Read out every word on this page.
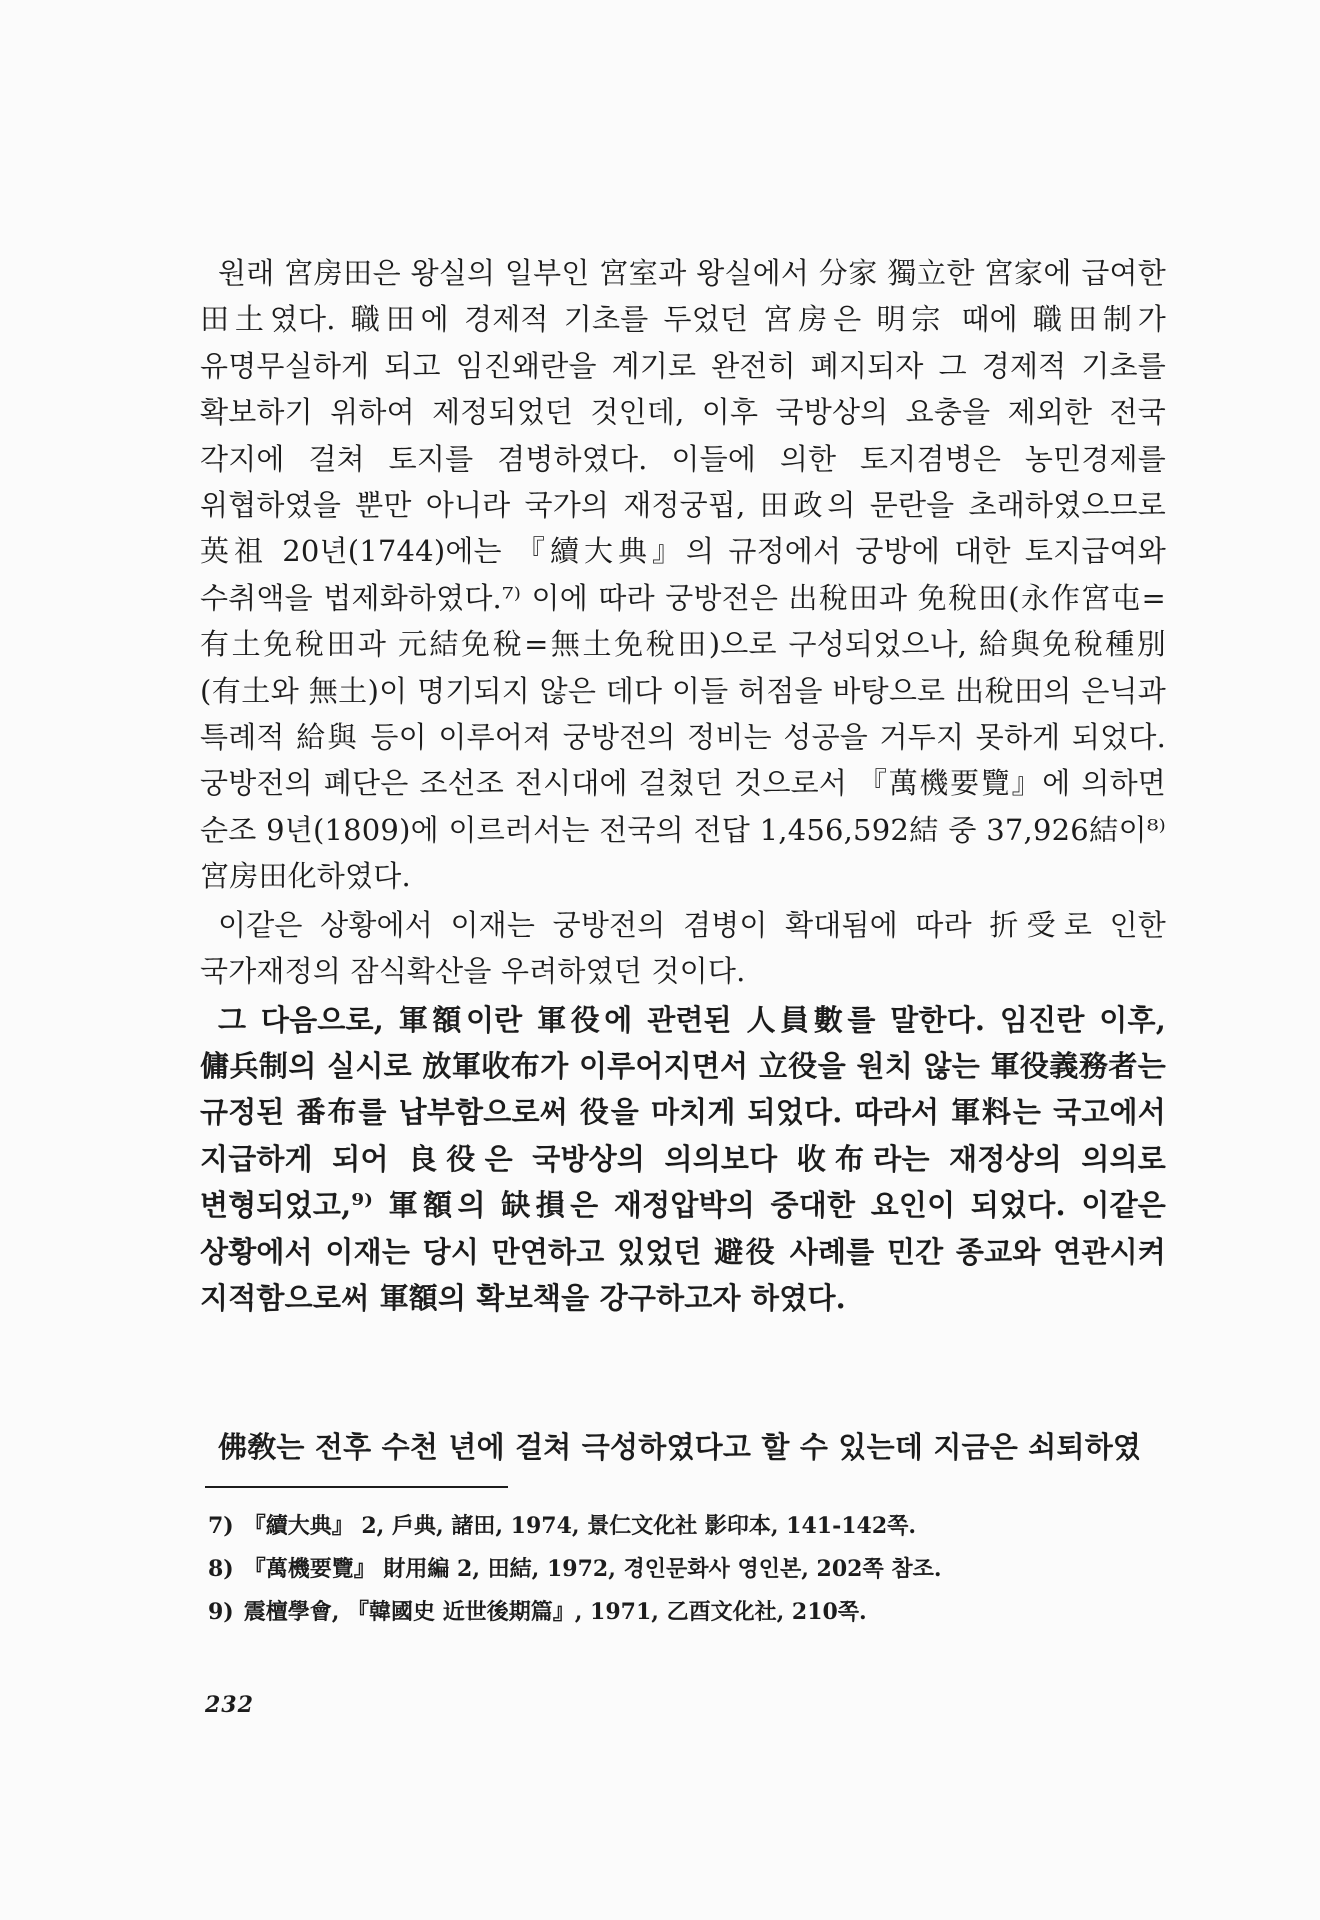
원래 宮房田은 왕실의 일부인 宮室과 왕실에서 分家 獨立한 宮家에 급여한 田土였다. 職田에 경제적 기초를 두었던 宮房은 明宗 때에 職田制가 유명무실하게 되고 임진왜란을 계기로 완전히 폐지되자 그 경제적 기초를 확보하기 위하여 제정되었던 것인데, 이후 국방상의 요충을 제외한 전국 각지에 걸쳐 토지를 겸병하였다. 이들에 의한 토지겸병은 농민경제를 위협하였을 뿐만 아니라 국가의 재정궁핍, 田政의 문란을 초래하였으므로 英祖 20년(1744)에는 『續大典』의 규정에서 궁방에 대한 토지급여와 수취액을 법제화하였다.⁷⁾ 이에 따라 궁방전은 出稅田과 免稅田(永作宮屯=有土免稅田과 元結免稅=無土免稅田)으로 구성되었으나, 給與免稅種別(有土와 無土)이 명기되지 않은 데다 이들 허점을 바탕으로 出稅田의 은닉과 특례적 給與 등이 이루어져 궁방전의 정비는 성공을 거두지 못하게 되었다. 궁방전의 폐단은 조선조 전시대에 걸쳤던 것으로서 『萬機要覽』에 의하면 순조 9년(1809)에 이르러서는 전국의 전답 1,456,592結 중 37,926結이⁸⁾ 宮房田化하였다.

이같은 상황에서 이재는 궁방전의 겸병이 확대됨에 따라 折受로 인한 국가재정의 잠식확산을 우려하였던 것이다.

그 다음으로, 軍額이란 軍役에 관련된 人員數를 말한다. 임진란 이후, 傭兵制의 실시로 放軍收布가 이루어지면서 立役을 원치 않는 軍役義務者는 규정된 番布를 납부함으로써 役을 마치게 되었다. 따라서 軍料는 국고에서 지급하게 되어 良役은 국방상의 의의보다 收布라는 재정상의 의의로 변형되었고,⁹⁾ 軍額의 缺損은 재정압박의 중대한 요인이 되었다. 이같은 상황에서 이재는 당시 만연하고 있었던 避役 사례를 민간 종교와 연관시켜 지적함으로써 軍額의 확보책을 강구하고자 하였다.

佛敎는 전후 수천 년에 걸쳐 극성하였다고 할 수 있는데 지금은 쇠퇴하였

7) 『續大典』 2, 戶典, 諸田, 1974, 景仁文化社 影印本, 141-142쪽.

8) 『萬機要覽』 財用編 2, 田結, 1972, 경인문화사 영인본, 202쪽 참조.

9) 震檀學會, 『韓國史 近世後期篇』, 1971, 乙酉文化社, 210쪽.

232
